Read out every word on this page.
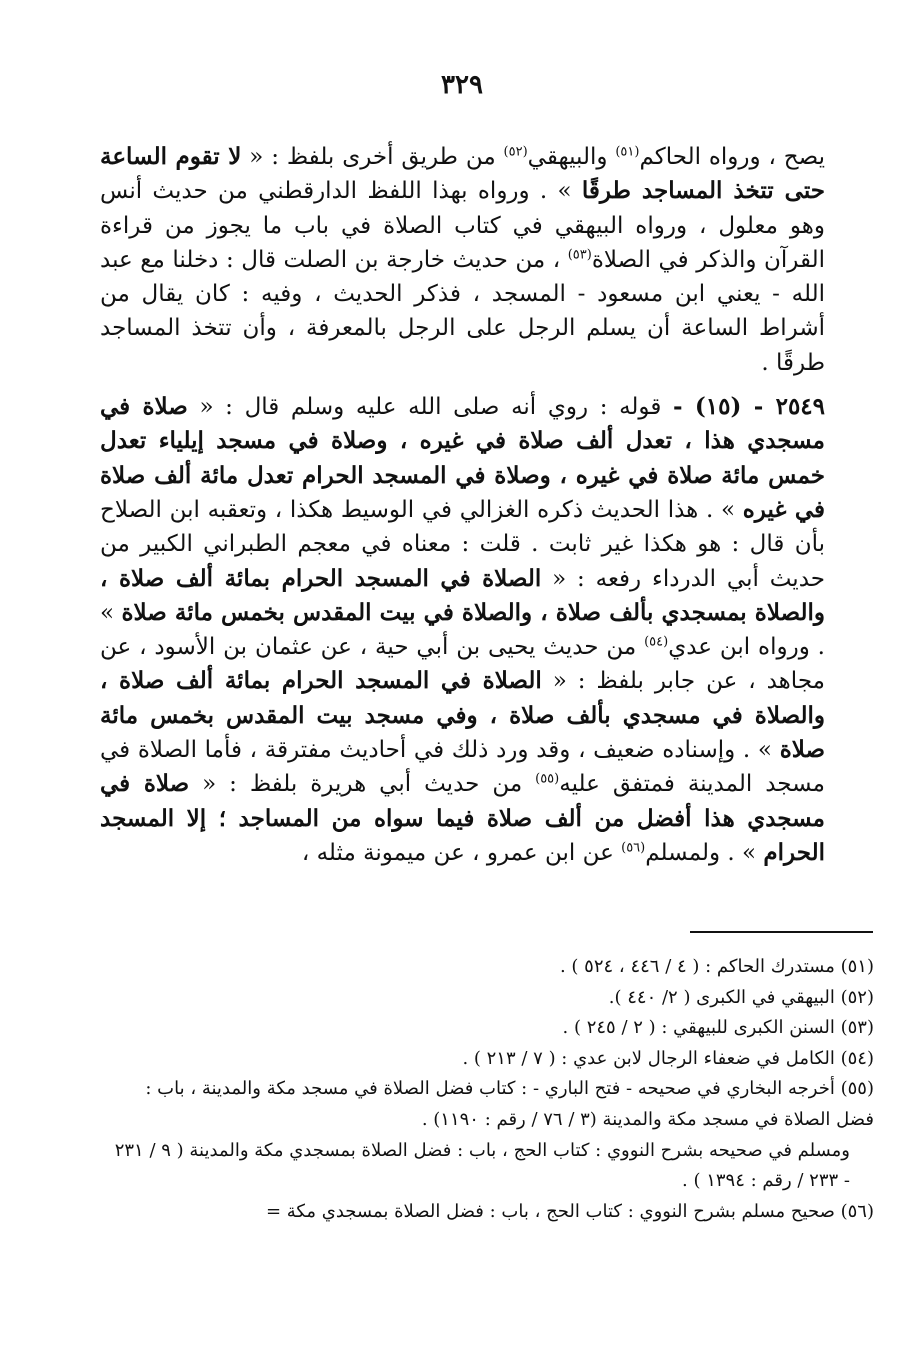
٣٢٩

يصح ، ورواه الحاكم$^{(٥١)}$ والبيهقي$^{(٥٢)}$ من طريق أخرى بلفظ : « لا تقوم الساعة حتى تتخذ المساجد طرقًا » . ورواه بهذا اللفظ الدارقطني من حديث أنس وهو معلول ، ورواه البيهقي في كتاب الصلاة في باب ما يجوز من قراءة القرآن والذكر في الصلاة$^{(٥٣)}$ ، من حديث خارجة بن الصلت قال : دخلنا مع عبد الله - يعني ابن مسعود - المسجد ، فذكر الحديث ، وفيه : كان يقال من أشراط الساعة أن يسلم الرجل على الرجل بالمعرفة ، وأن تتخذ المساجد طرقًا .

٢٥٤٩ - (١٥) - قوله : روي أنه صلى الله عليه وسلم قال : « صلاة في مسجدي هذا ، تعدل ألف صلاة في غيره ، وصلاة في مسجد إيلياء تعدل خمس مائة صلاة في غيره ، وصلاة في المسجد الحرام تعدل مائة ألف صلاة في غيره » . هذا الحديث ذكره الغزالي في الوسيط هكذا ، وتعقبه ابن الصلاح بأن قال : هو هكذا غير ثابت . قلت : معناه في معجم الطبراني الكبير من حديث أبي الدرداء رفعه : « الصلاة في المسجد الحرام بمائة ألف صلاة ، والصلاة بمسجدي بألف صلاة ، والصلاة في بيت المقدس بخمس مائة صلاة » . ورواه ابن عدي$^{(٥٤)}$ من حديث يحيى بن أبي حية ، عن عثمان بن الأسود ، عن مجاهد ، عن جابر بلفظ : « الصلاة في المسجد الحرام بمائة ألف صلاة ، والصلاة في مسجدي بألف صلاة ، وفي مسجد بيت المقدس بخمس مائة صلاة » . وإسناده ضعيف ، وقد ورد ذلك في أحاديث مفترقة ، فأما الصلاة في مسجد المدينة فمتفق عليه$^{(٥٥)}$ من حديث أبي هريرة بلفظ : « صلاة في مسجدي هذا أفضل من ألف صلاة فيما سواه من المساجد ؛ إلا المسجد الحرام » . ولمسلم$^{(٥٦)}$ عن ابن عمرو ، عن ميمونة مثله ،

(٥١) مستدرك الحاكم : ( ٤ / ٤٤٦ ، ٥٢٤ ) .

(٥٢) البيهقي في الكبرى ( ٢/ ٤٤٠ ).

(٥٣) السنن الكبرى للبيهقي : ( ٢ / ٢٤٥ ) .

(٥٤) الكامل في ضعفاء الرجال لابن عدي : ( ٧ / ٢١٣ ) .

(٥٥) أخرجه البخاري في صحيحه - فتح الباري - : كتاب فضل الصلاة في مسجد مكة والمدينة ، باب : فضل الصلاة في مسجد مكة والمدينة (٣ / ٧٦ / رقم : ١١٩٠) .

ومسلم في صحيحه بشرح النووي : كتاب الحج ، باب : فضل الصلاة بمسجدي مكة والمدينة ( ٩ / ٢٣١ - ٢٣٣ / رقم : ١٣٩٤ ) .

(٥٦) صحيح مسلم بشرح النووي : كتاب الحج ، باب : فضل الصلاة بمسجدي مكة =
